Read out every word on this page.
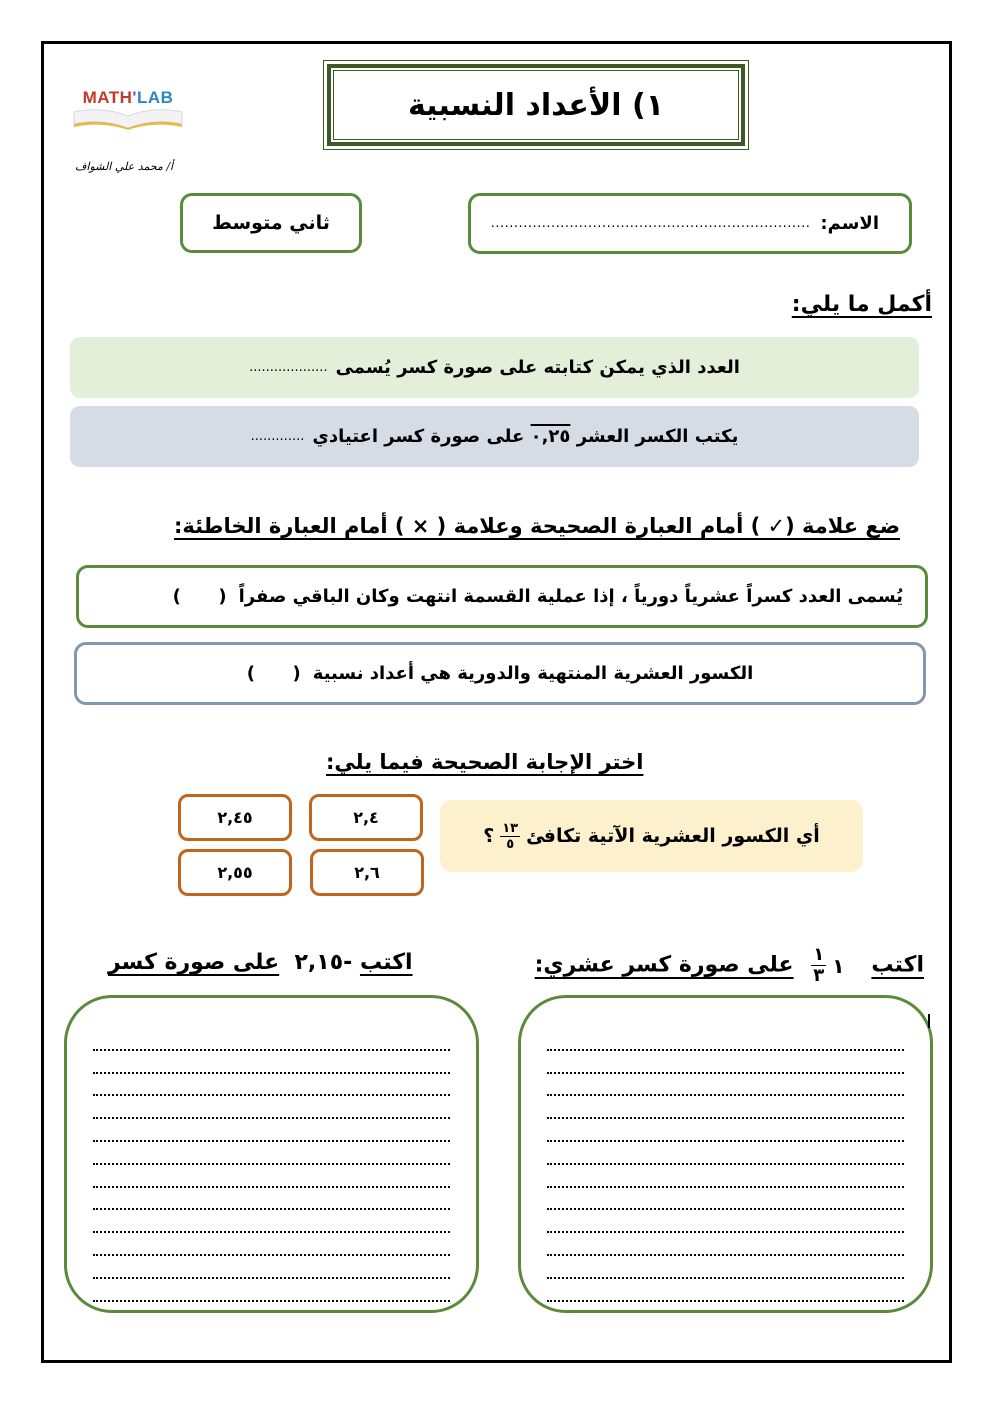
MATH'LAB
أ/ محمد علي الشواف
١) الأعداد النسبية
ثاني متوسط	الاسم:
.....................................................................
أكمل ما يلي:
العدد الذي يمكن كتابته على صورة كسر يُسمى
...................
يكتب الكسر العشر

٠,٢٥

على صورة كسر اعتيادي
.............
ضع علامة (✓ ) أمام العبارة الصحيحة وعلامة ( × ) أمام العبارة الخاطئة:
يُسمى العدد كسراً عشرياً دورياً ، إذا عملية القسمة انتهت وكان الباقي صفراً
(      )
الكسور العشرية المنتهية والدورية هي أعداد نسبية
(      )
اختر الإجابة الصحيحة فيما يلي:
أي الكسور العشرية الآتية تكافئ
$\frac{١٣}{٥}$
؟
٢,٤
٢,٤٥
٢,٦
٢,٥٥
اكتب
١
$\frac{١}{٣}$
على صورة كسر عشري:
اكتب -٢,١٥  على صورة كسر
